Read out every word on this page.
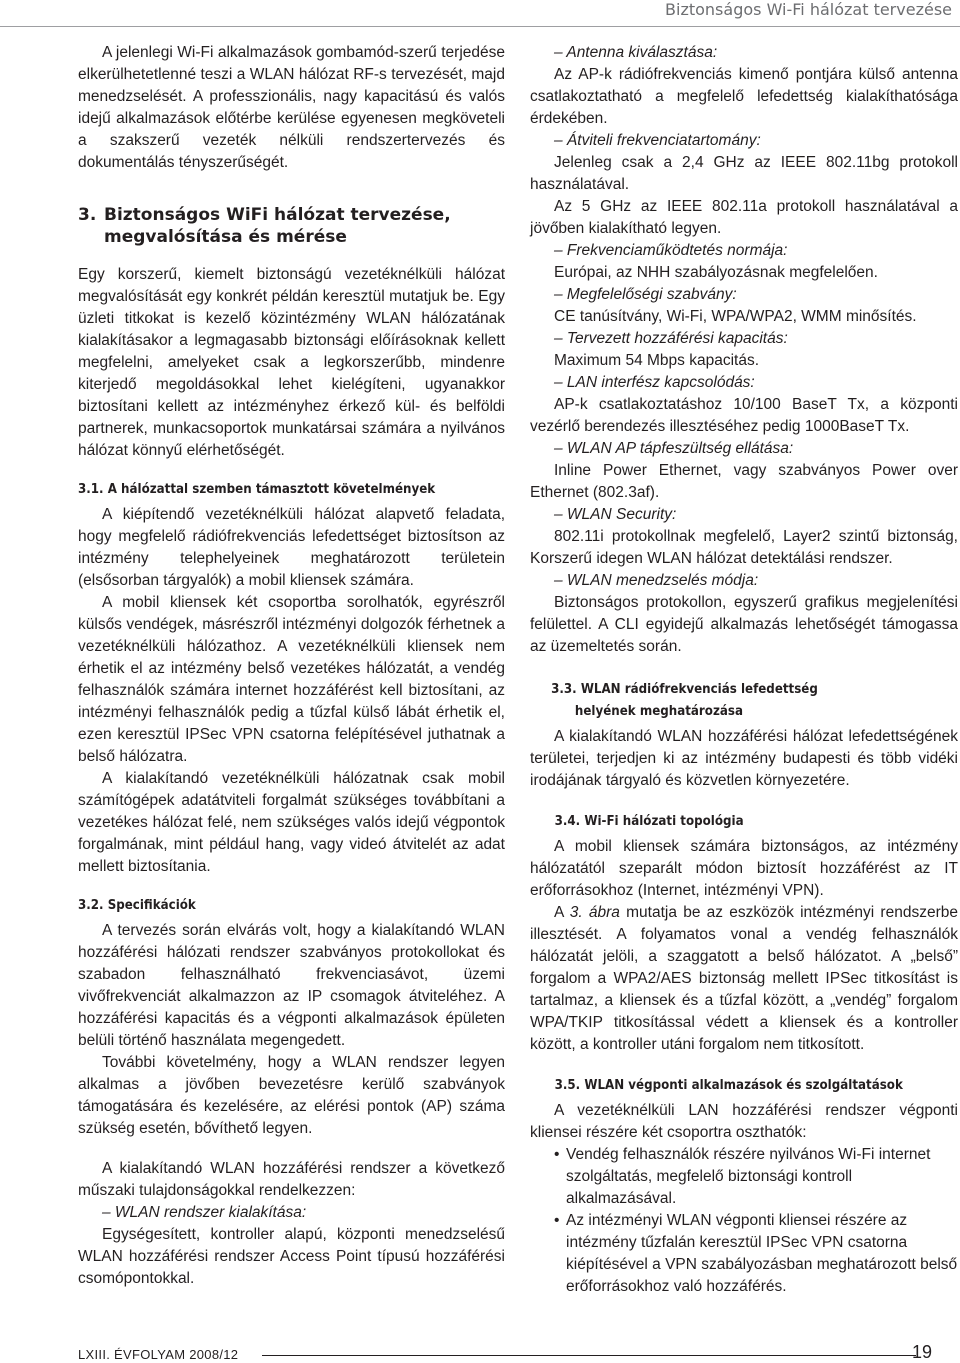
Biztonságos Wi-Fi hálózat tervezése

A jelenlegi Wi-Fi alkalmazások gombamód-szerű terjedése elkerülhetetlenné teszi a WLAN hálózat RF-s tervezését, majd menedzselését. A professzionális, nagy kapacitású és valós idejű alkalmazások előtérbe kerülése egyenesen megköveteli a szakszerű vezeték nélküli rendszertervezés és dokumentálás tényszerűségét.

3. Biztonságos WiFi hálózat tervezése,
megvalósítása és mérése

Egy korszerű, kiemelt biztonságú vezetéknélküli hálózat megvalósítását egy konkrét példán keresztül mutatjuk be. Egy üzleti titkokat is kezelő közintézmény WLAN hálózatának kialakításakor a legmagasabb biztonsági előírásoknak kellett megfelelni, amelyeket csak a legkorszerűbb, mindenre kiterjedő megoldásokkal lehet kielégíteni, ugyanakkor biztosítani kellett az intézményhez érkező kül- és belföldi partnerek, munkacsoportok munkatársai számára a nyilvános hálózat könnyű elérhetőségét.

3.1. A hálózattal szemben támasztott követelmények

A kiépítendő vezetéknélküli hálózat alapvető feladata, hogy megfelelő rádiófrekvenciás lefedettséget biztosítson az intézmény telephelyeinek meghatározott területein (elsősorban tárgyalók) a mobil kliensek számára.

A mobil kliensek két csoportba sorolhatók, egyrészről külsős vendégek, másrészről intézményi dolgozók férhetnek a vezetéknélküli hálózathoz. A vezetéknélküli kliensek nem érhetik el az intézmény belső vezetékes hálózatát, a vendég felhasználók számára internet hozzáférést kell biztosítani, az intézményi felhasználók pedig a tűzfal külső lábát érhetik el, ezen keresztül IPSec VPN csatorna felépítésével juthatnak a belső hálózatra.

A kialakítandó vezetéknélküli hálózatnak csak mobil számítógépek adatátviteli forgalmát szükséges továbbítani a vezetékes hálózat felé, nem szükséges valós idejű végpontok forgalmának, mint például hang, vagy videó átvitelét az adat mellett biztosítania.

3.2. Specifikációk

A tervezés során elvárás volt, hogy a kialakítandó WLAN hozzáférési hálózati rendszer szabványos protokollokat és szabadon felhasználható frekvenciasávot, üzemi vivőfrekvenciát alkalmazzon az IP csomagok átviteléhez. A hozzáférési kapacitás és a végponti alkalmazások épületen belüli történő használata megengedett.

További követelmény, hogy a WLAN rendszer legyen alkalmas a jövőben bevezetésre kerülő szabványok támogatására és kezelésére, az elérési pontok (AP) száma szükség esetén, bővíthető legyen.

A kialakítandó WLAN hozzáférési rendszer a következő műszaki tulajdonságokkal rendelkezzen:

– WLAN rendszer kialakítása:

Egységesített, kontroller alapú, központi menedzselésű WLAN hozzáférési rendszer Access Point típusú hozzáférési csomópontokkal.

– Antenna kiválasztása:

Az AP-k rádiófrekvenciás kimenő pontjára külső antenna csatlakoztatható a megfelelő lefedettség kialakíthatósága érdekében.

– Átviteli frekvenciatartomány:

Jelenleg csak a 2,4 GHz az IEEE 802.11bg protokoll használatával.

Az 5 GHz az IEEE 802.11a protokoll használatával a jövőben kialakítható legyen.

– Frekvenciaműködtetés normája:

Európai, az NHH szabályozásnak megfelelően.

– Megfelelőségi szabvány:

CE tanúsítvány, Wi-Fi, WPA/WPA2, WMM minősítés.

– Tervezett hozzáférési kapacitás:

Maximum 54 Mbps kapacitás.

– LAN interfész kapcsolódás:

AP-k csatlakoztatáshoz 10/100 BaseT Tx, a központi vezérlő berendezés illesztéséhez pedig 1000BaseT Tx.

– WLAN AP tápfeszültség ellátása:

Inline Power Ethernet, vagy szabványos Power over Ethernet (802.3af).

– WLAN Security:

802.11i protokollnak megfelelő, Layer2 szintű biztonság, Korszerű idegen WLAN hálózat detektálási rendszer.

– WLAN menedzselés módja:

Biztonságos protokollon, egyszerű grafikus megjelenítési felülettel. A CLI egyidejű alkalmazás lehetőségét támogassa az üzemeltetés során.

3.3. WLAN rádiófrekvenciás lefedettség
helyének meghatározása

A kialakítandó WLAN hozzáférési hálózat lefedettségének területei, terjedjen ki az intézmény budapesti és több vidéki irodájának tárgyaló és közvetlen környezetére.

3.4. Wi-Fi hálózati topológia

A mobil kliensek számára biztonságos, az intézmény hálózatától szeparált módon biztosít hozzáférést az IT erőforrásokhoz (Internet, intézményi VPN).

A 3. ábra mutatja be az eszközök intézményi rendszerbe illesztését. A folyamatos vonal a vendég felhasználók hálózatát jelöli, a szaggatott a belső hálózatot. A „belső” forgalom a WPA2/AES biztonság mellett IPSec titkosítást is tartalmaz, a kliensek és a tűzfal között, a „vendég” forgalom WPA/TKIP titkosítással védett a kliensek és a kontroller között, a kontroller utáni forgalom nem titkosított.

3.5. WLAN végponti alkalmazások és szolgáltatások

A vezetéknélküli LAN hozzáférési rendszer végponti kliensei részére két csoportra oszthatók:

• Vendég felhasználók részére nyilvános Wi-Fi internet szolgáltatás, megfelelő biztonsági kontroll alkalmazásával.

• Az intézményi WLAN végponti kliensei részére az intézmény tűzfalán keresztül IPSec VPN csatorna kiépítésével a VPN szabályozásban meghatározott belső erőforrásokhoz való hozzáférés.

LXIII. ÉVFOLYAM 2008/12	19
